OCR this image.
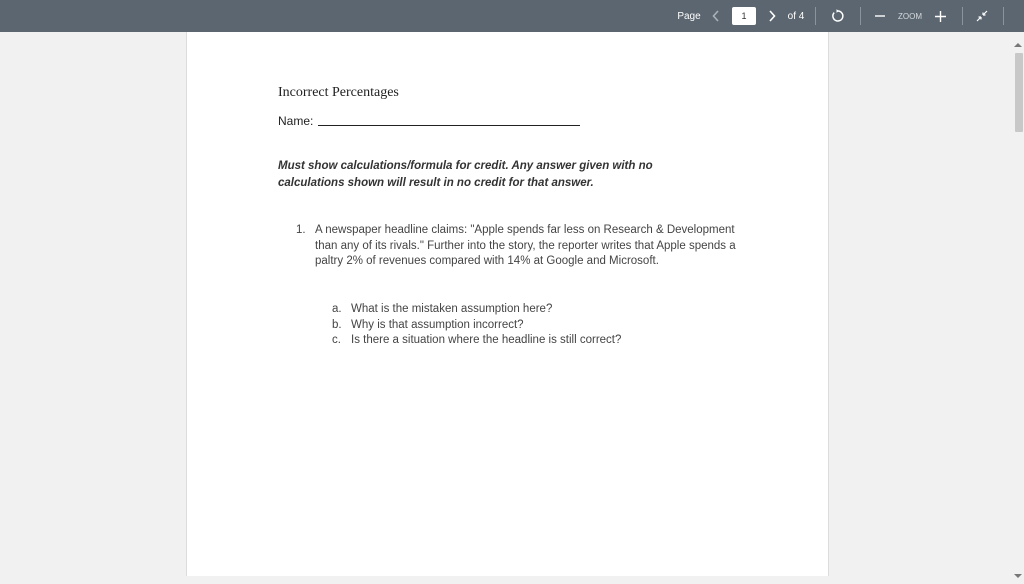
Page	1	of 4	ZOOM
Incorrect Percentages
Name:
Must show calculations/formula for credit. Any answer given with no calculations shown will result in no credit for that answer.
1. A newspaper headline claims: "Apple spends far less on Research & Development than any of its rivals." Further into the story, the reporter writes that Apple spends a paltry 2% of revenues compared with 14% at Google and Microsoft.
a. What is the mistaken assumption here?
b. Why is that assumption incorrect?
c. Is there a situation where the headline is still correct?
